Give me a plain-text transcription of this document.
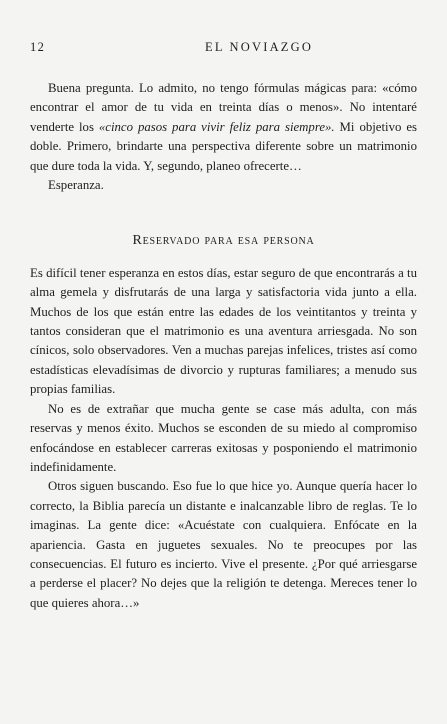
12	EL NOVIAZGO

Buena pregunta. Lo admito, no tengo fórmulas mágicas para: «cómo encontrar el amor de tu vida en treinta días o menos». No intentaré venderte los «cinco pasos para vivir feliz para siempre». Mi objetivo es doble. Primero, brindarte una perspectiva diferente sobre un matrimonio que dure toda la vida. Y, segundo, planeo ofrecerte…

Esperanza.

Reservado para esa persona

Es difícil tener esperanza en estos días, estar seguro de que encontrarás a tu alma gemela y disfrutarás de una larga y satisfactoria vida junto a ella. Muchos de los que están entre las edades de los veintitantos y treinta y tantos consideran que el matrimonio es una aventura arriesgada. No son cínicos, solo observadores. Ven a muchas parejas infelices, tristes así como estadísticas elevadísimas de divorcio y rupturas familiares; a menudo sus propias familias.

No es de extrañar que mucha gente se case más adulta, con más reservas y menos éxito. Muchos se esconden de su miedo al compromiso enfocándose en establecer carreras exitosas y posponiendo el matrimonio indefinidamente.

Otros siguen buscando. Eso fue lo que hice yo. Aunque quería hacer lo correcto, la Biblia parecía un distante e inalcanzable libro de reglas. Te lo imaginas. La gente dice: «Acuéstate con cualquiera. Enfócate en la apariencia. Gasta en juguetes sexuales. No te preocupes por las consecuencias. El futuro es incierto. Vive el presente. ¿Por qué arriesgarse a perderse el placer? No dejes que la religión te detenga. Mereces tener lo que quieres ahora…»
